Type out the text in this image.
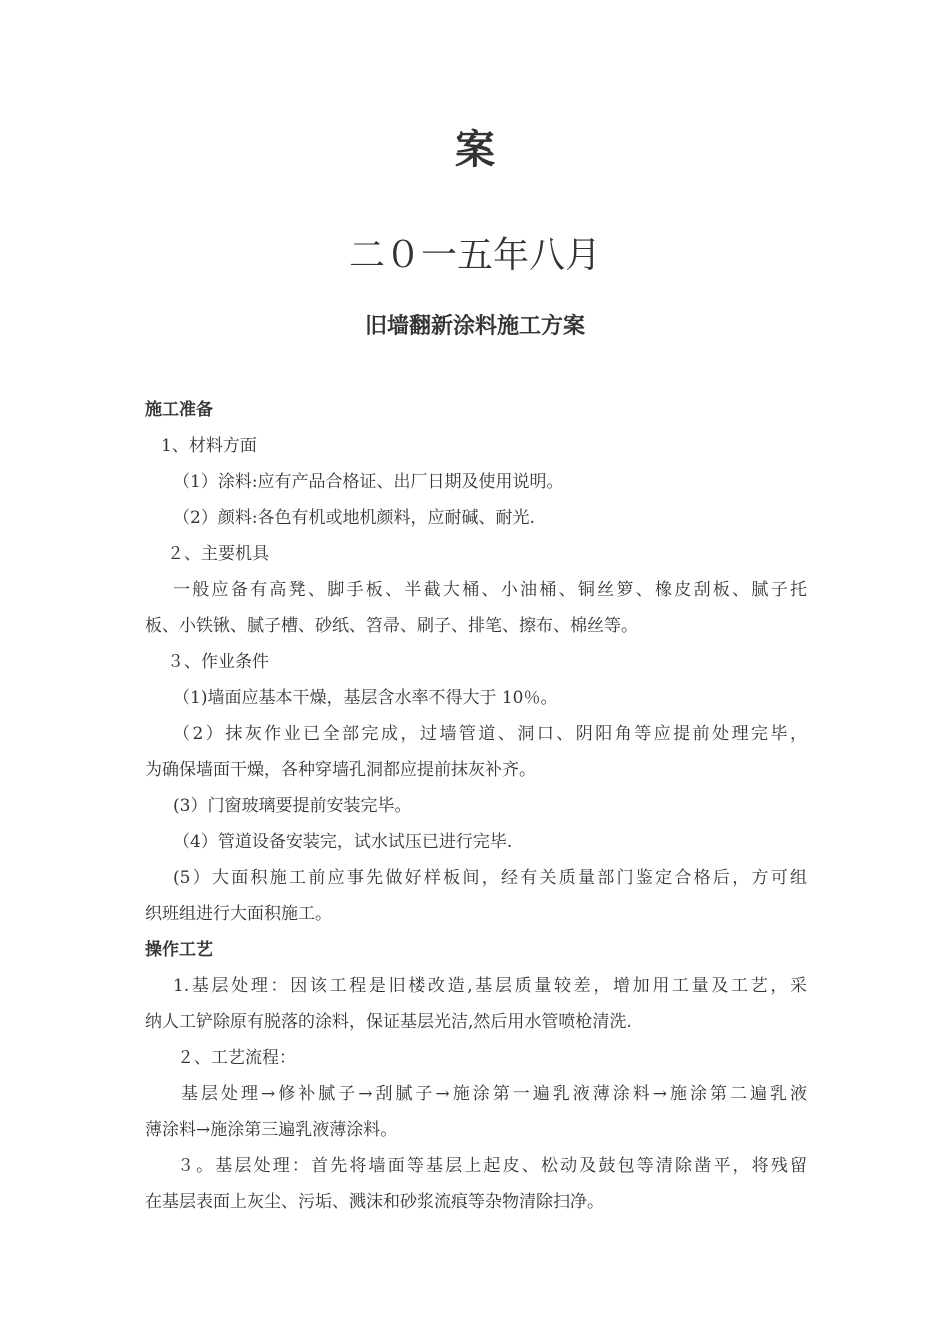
案
二０一五年八月
旧墙翻新涂料施工方案
施工准备
1、材料方面
（1）涂料:应有产品合格证、出厂日期及使用说明。
（2）颜料:各色有机或地机颜料，应耐碱、耐光.
２、主要机具
一般应备有高凳、脚手板、半截大桶、小油桶、铜丝箩、橡皮刮板、腻子托
板、小铁锹、腻子槽、砂纸、笤帚、刷子、排笔、擦布、棉丝等。
３、作业条件
（1)墙面应基本干燥，基层含水率不得大于 10％。
（2）抹灰作业已全部完成，过墙管道、洞口、阴阳角等应提前处理完毕，
为确保墙面干燥，各种穿墙孔洞都应提前抹灰补齐。
(3）门窗玻璃要提前安装完毕。
（4）管道设备安装完，试水试压已进行完毕.
(5）大面积施工前应事先做好样板间，经有关质量部门鉴定合格后，方可组
织班组进行大面积施工。
操作工艺
1.基层处理：因该工程是旧楼改造,基层质量较差，增加用工量及工艺，采
纳人工铲除原有脱落的涂料，保证基层光洁,然后用水管喷枪清洗.
２、工艺流程：
基层处理→修补腻子→刮腻子→施涂第一遍乳液薄涂料→施涂第二遍乳液
薄涂料→施涂第三遍乳液薄涂料。
３。基层处理：首先将墙面等基层上起皮、松动及鼓包等清除凿平，将残留
在基层表面上灰尘、污垢、溅沫和砂浆流痕等杂物清除扫净。
